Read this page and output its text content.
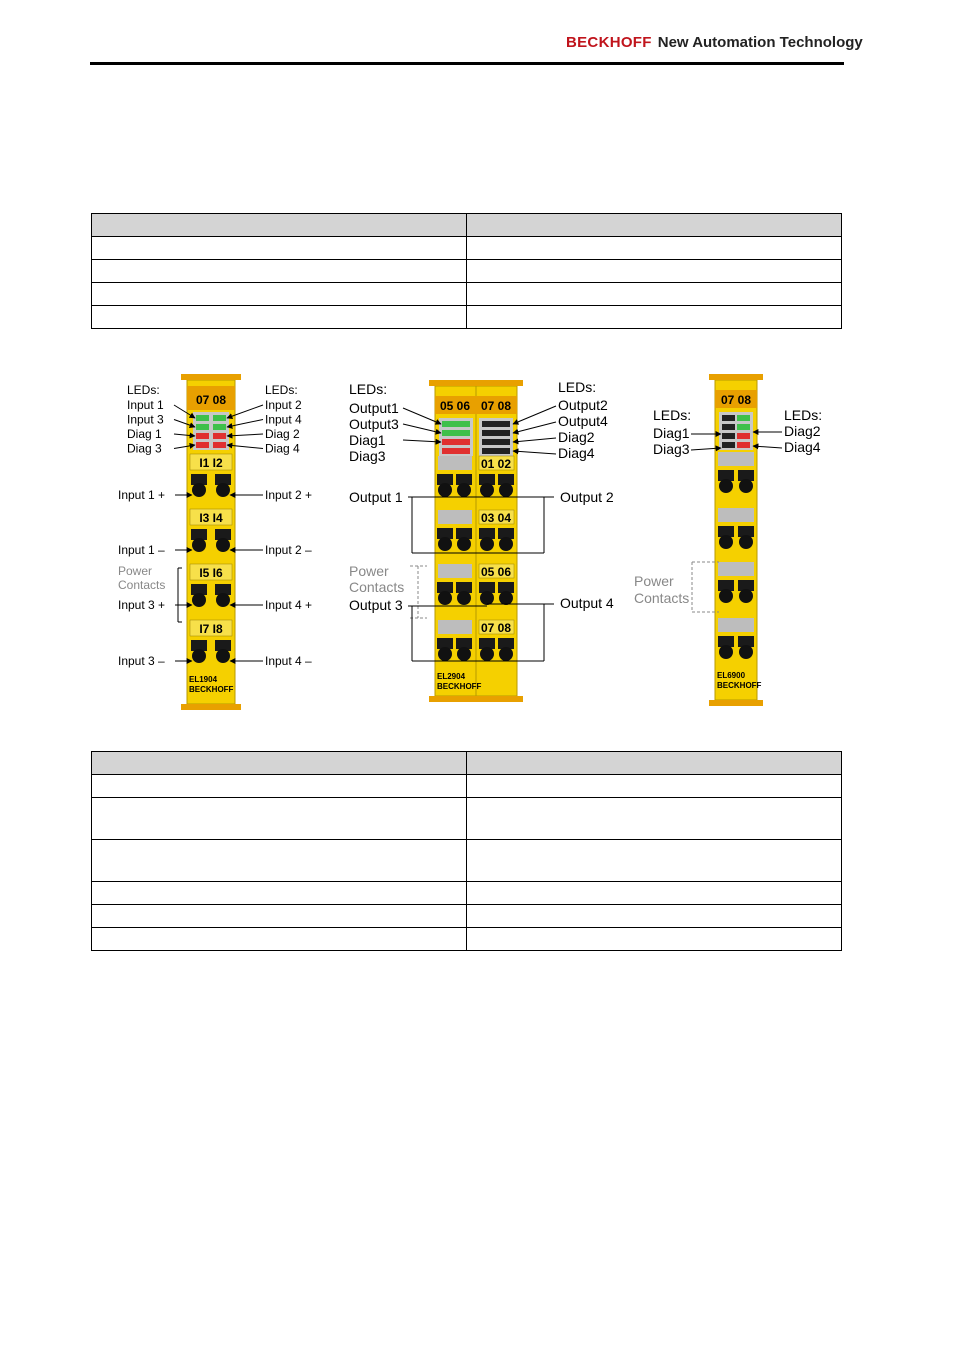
BECKHOFF New Automation Technology

07 08
I1 I2
I3 I4
I5 I6
I7 I8
EL1904
BECKHOFF
LEDs:	LEDs:
Input 1
Input 3
Diag 1
Diag 3
Input 2
Input 4
Diag 2
Diag 4
Input 1 +	Input 2 +
Input 1 –	Input 2 –
Power
Contacts
Input 3 +	Input 4 +
Input 3 –	Input 4 –
05 06 07 08
01 02
03 04
05 06
07 08
EL2904
BECKHOFF
LEDs:	LEDs:
Output1
Output3
Diag1
Diag3
Output2
Output4
Diag2
Diag4
Output 1	Output 2
Power
Contacts
Output 3	Output 4
07 08
EL6900
BECKHOFF
LEDs:	LEDs:
Diag1
Diag3
Diag2
Diag4
Power
Contacts
